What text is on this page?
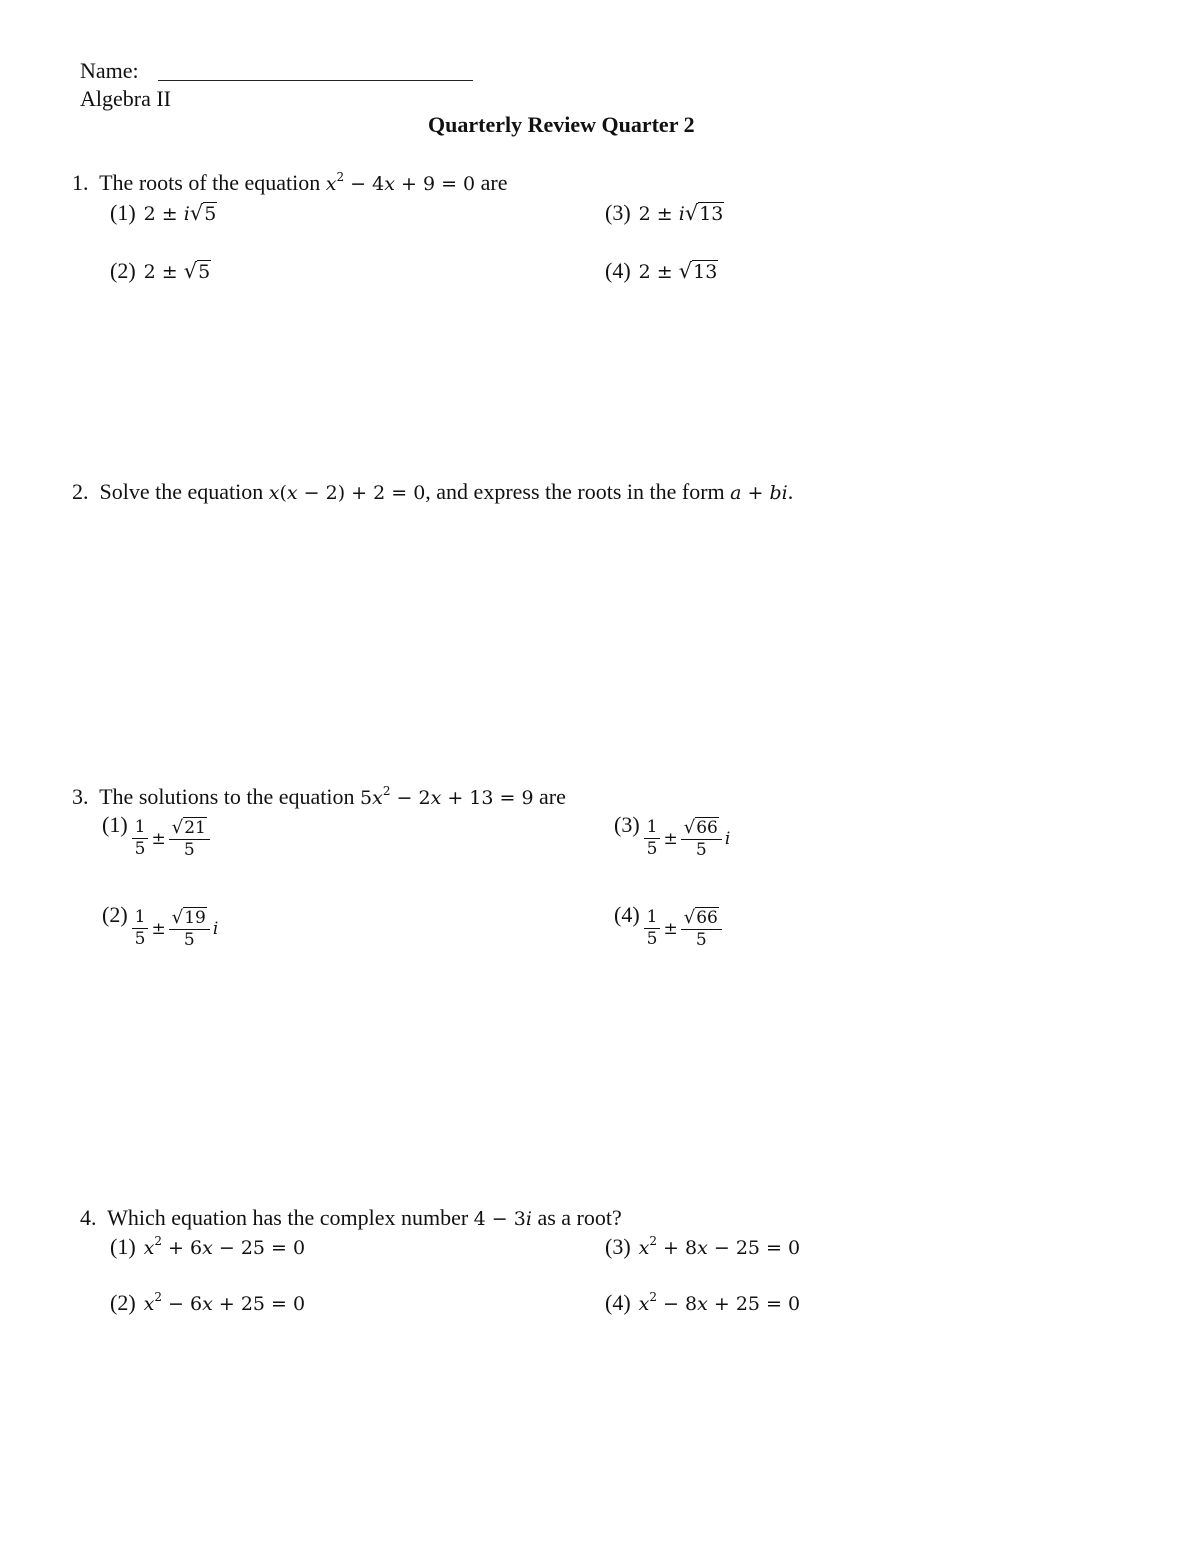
Name:
Algebra II
Quarterly Review Quarter 2
1. The roots of the equation $x^2 - 4x + 9 = 0$ are
(1) 2 ± i√5
(2) 2 ± √5
(3) 2 ± i√13
(4) 2 ± √13
2. Solve the equation x(x − 2) + 2 = 0, and express the roots in the form a + bi.
3. The solutions to the equation $5x^2 - 2x + 13 = 9$ are
$(1) \frac{1}{5} \pm \frac{√21}{5}$
$(2) \frac{1}{5} \pm \frac{√19}{5}$ i
$(3) \frac{1}{5} \pm \frac{√66}{5}$ i
$(4) \frac{1}{5} \pm \frac{√66}{5}$
4. Which equation has the complex number 4 − 3i as a root?
(1) $x^2 + 6x - 25 = 0$
(2) $x^2 - 6x + 25 = 0$
(3) $x^2 + 8x - 25 = 0$
(4) $x^2 - 8x + 25 = 0$
